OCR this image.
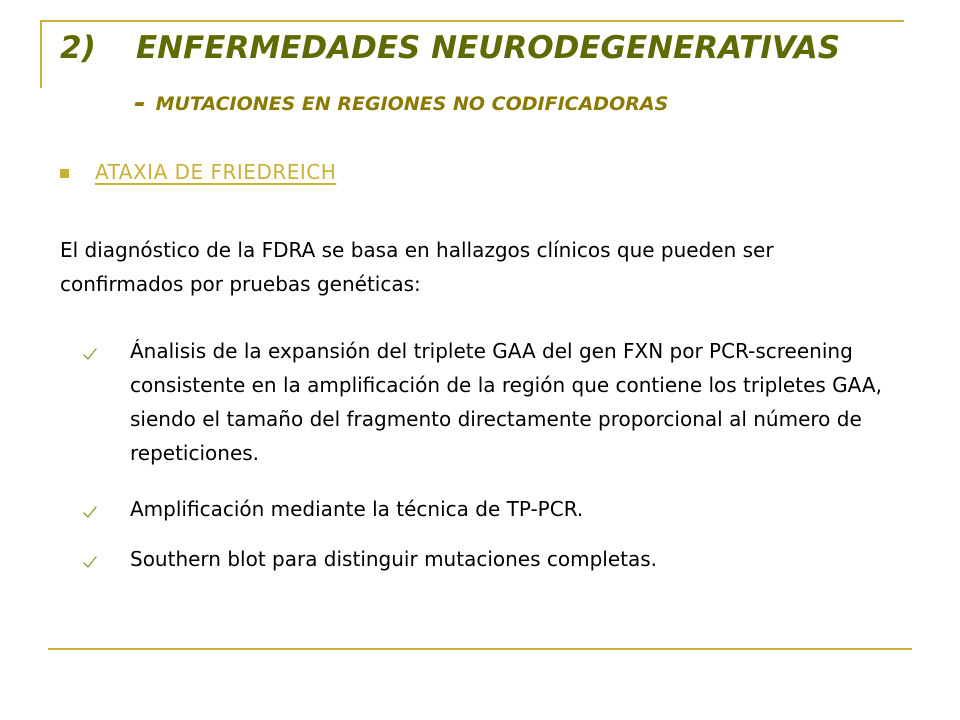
2) ENFERMEDADES NEURODEGENERATIVAS
- MUTACIONES EN REGIONES NO CODIFICADORAS
ATAXIA DE FRIEDREICH
El diagnóstico de la FDRA se basa en hallazgos clínicos que pueden ser confirmados por pruebas genéticas:
Ánalisis de la expansión del triplete GAA del gen FXN por PCR-screening consistente en la amplificación de la región que contiene los tripletes GAA, siendo el tamaño del fragmento directamente proporcional al número de repeticiones.
Amplificación mediante la técnica de TP-PCR.
Southern blot para distinguir mutaciones completas.
